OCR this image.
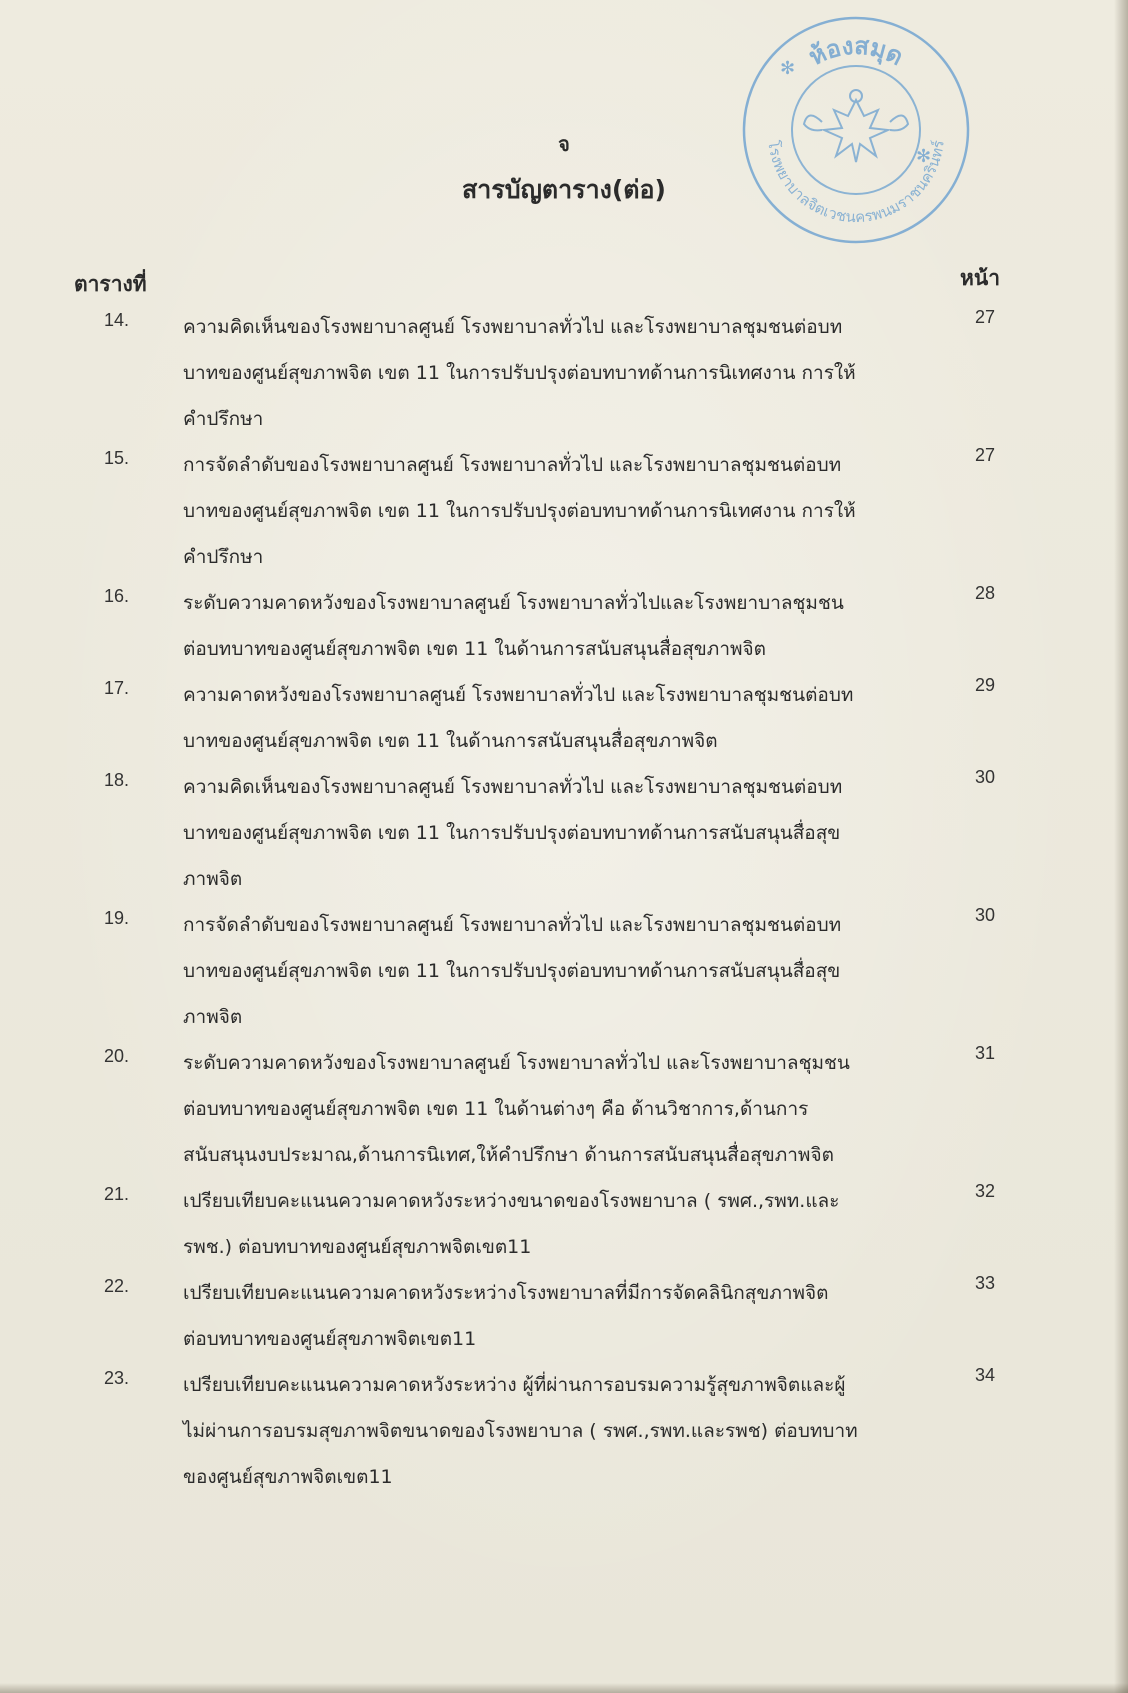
ห้องสมุด
โรงพยาบาลจิตเวชนครพนมราชนครินทร์
✻
✻
จ
สารบัญตาราง(ต่อ)
ตารางที่	หน้า
14.	ความคิดเห็นของโรงพยาบาลศูนย์ โรงพยาบาลทั่วไป และโรงพยาบาลชุมชนต่อบท
บาทของศูนย์สุขภาพจิต เขต 11 ในการปรับปรุงต่อบทบาทด้านการนิเทศงาน การให้
คำปรึกษา

27
15.	การจัดลำดับของโรงพยาบาลศูนย์ โรงพยาบาลทั่วไป และโรงพยาบาลชุมชนต่อบท
บาทของศูนย์สุขภาพจิต เขต 11 ในการปรับปรุงต่อบทบาทด้านการนิเทศงาน การให้
คำปรึกษา

27
16.	ระดับความคาดหวังของโรงพยาบาลศูนย์ โรงพยาบาลทั่วไปและโรงพยาบาลชุมชน
ต่อบทบาทของศูนย์สุขภาพจิต เขต 11 ในด้านการสนับสนุนสื่อสุขภาพจิต

28
17.	ความคาดหวังของโรงพยาบาลศูนย์ โรงพยาบาลทั่วไป และโรงพยาบาลชุมชนต่อบท
บาทของศูนย์สุขภาพจิต เขต 11 ในด้านการสนับสนุนสื่อสุขภาพจิต

29
18.	ความคิดเห็นของโรงพยาบาลศูนย์ โรงพยาบาลทั่วไป และโรงพยาบาลชุมชนต่อบท
บาทของศูนย์สุขภาพจิต เขต 11 ในการปรับปรุงต่อบทบาทด้านการสนับสนุนสื่อสุข
ภาพจิต

30
19.	การจัดลำดับของโรงพยาบาลศูนย์ โรงพยาบาลทั่วไป และโรงพยาบาลชุมชนต่อบท
บาทของศูนย์สุขภาพจิต เขต 11 ในการปรับปรุงต่อบทบาทด้านการสนับสนุนสื่อสุข
ภาพจิต

30
20.	ระดับความคาดหวังของโรงพยาบาลศูนย์ โรงพยาบาลทั่วไป และโรงพยาบาลชุมชน
ต่อบทบาทของศูนย์สุขภาพจิต เขต 11 ในด้านต่างๆ คือ ด้านวิชาการ,ด้านการ
สนับสนุนงบประมาณ,ด้านการนิเทศ,ให้คำปรึกษา ด้านการสนับสนุนสื่อสุขภาพจิต

31
21.	เปรียบเทียบคะแนนความคาดหวังระหว่างขนาดของโรงพยาบาล ( รพศ.,รพท.และ
รพช.) ต่อบทบาทของศูนย์สุขภาพจิตเขต11

32
22.	เปรียบเทียบคะแนนความคาดหวังระหว่างโรงพยาบาลที่มีการจัดคลินิกสุขภาพจิต
ต่อบทบาทของศูนย์สุขภาพจิตเขต11

33
23.	เปรียบเทียบคะแนนความคาดหวังระหว่าง ผู้ที่ผ่านการอบรมความรู้สุขภาพจิตและผู้
ไม่ผ่านการอบรมสุขภาพจิตขนาดของโรงพยาบาล ( รพศ.,รพท.และรพช) ต่อบทบาท
ของศูนย์สุขภาพจิตเขต11

34
